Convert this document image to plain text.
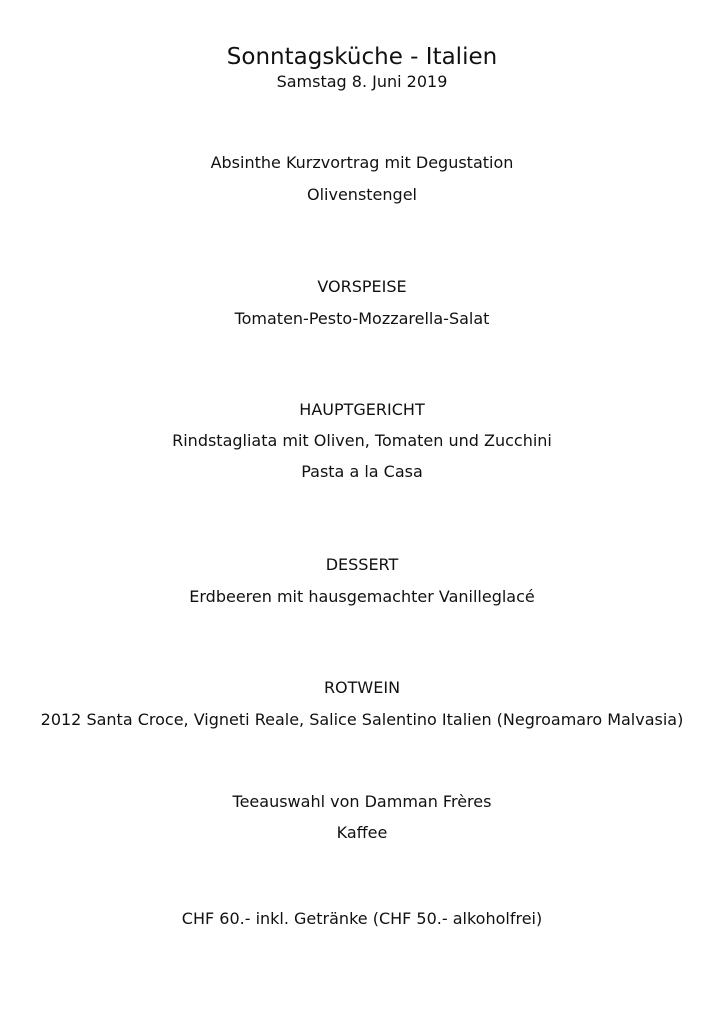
Sonntagsküche - Italien
Samstag 8. Juni 2019
Absinthe Kurzvortrag mit Degustation
Olivenstengel
VORSPEISE
Tomaten-Pesto-Mozzarella-Salat
HAUPTGERICHT
Rindstagliata mit Oliven, Tomaten und Zucchini
Pasta a la Casa
DESSERT
Erdbeeren mit hausgemachter Vanilleglacé
ROTWEIN
2012 Santa Croce, Vigneti Reale, Salice Salentino Italien (Negroamaro Malvasia)
Teeauswahl von Damman Frères
Kaffee
CHF 60.- inkl. Getränke (CHF 50.- alkoholfrei)
